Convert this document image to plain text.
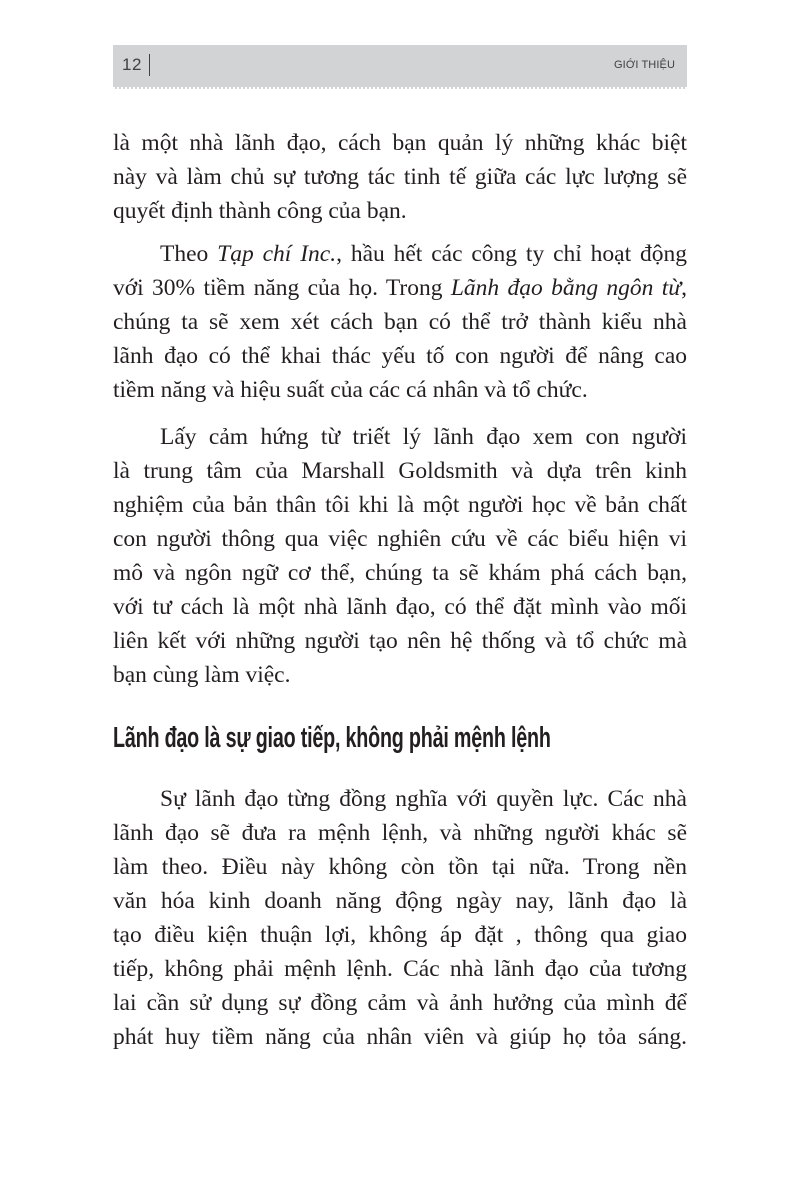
12	GIỚI THIỆU
là một nhà lãnh đạo, cách bạn quản lý những khác biệt
này và làm chủ sự tương tác tinh tế giữa các lực lượng sẽ
quyết định thành công của bạn.
Theo Tạp chí Inc., hầu hết các công ty chỉ hoạt động
với 30% tiềm năng của họ. Trong Lãnh đạo bằng ngôn từ,
chúng ta sẽ xem xét cách bạn có thể trở thành kiểu nhà
lãnh đạo có thể khai thác yếu tố con người để nâng cao
tiềm năng và hiệu suất của các cá nhân và tổ chức.
Lấy cảm hứng từ triết lý lãnh đạo xem con người
là trung tâm của Marshall Goldsmith và dựa trên kinh
nghiệm của bản thân tôi khi là một người học về bản chất
con người thông qua việc nghiên cứu về các biểu hiện vi
mô và ngôn ngữ cơ thể, chúng ta sẽ khám phá cách bạn,
với tư cách là một nhà lãnh đạo, có thể đặt mình vào mối
liên kết với những người tạo nên hệ thống và tổ chức mà
bạn cùng làm việc.
Lãnh đạo là sự giao tiếp, không phải mệnh lệnh
Sự lãnh đạo từng đồng nghĩa với quyền lực. Các nhà
lãnh đạo sẽ đưa ra mệnh lệnh, và những người khác sẽ
làm theo. Điều này không còn tồn tại nữa. Trong nền
văn hóa kinh doanh năng động ngày nay, lãnh đạo là
tạo điều kiện thuận lợi, không áp đặt , thông qua giao
tiếp, không phải mệnh lệnh. Các nhà lãnh đạo của tương
lai cần sử dụng sự đồng cảm và ảnh hưởng của mình để
phát huy tiềm năng của nhân viên và giúp họ tỏa sáng.
